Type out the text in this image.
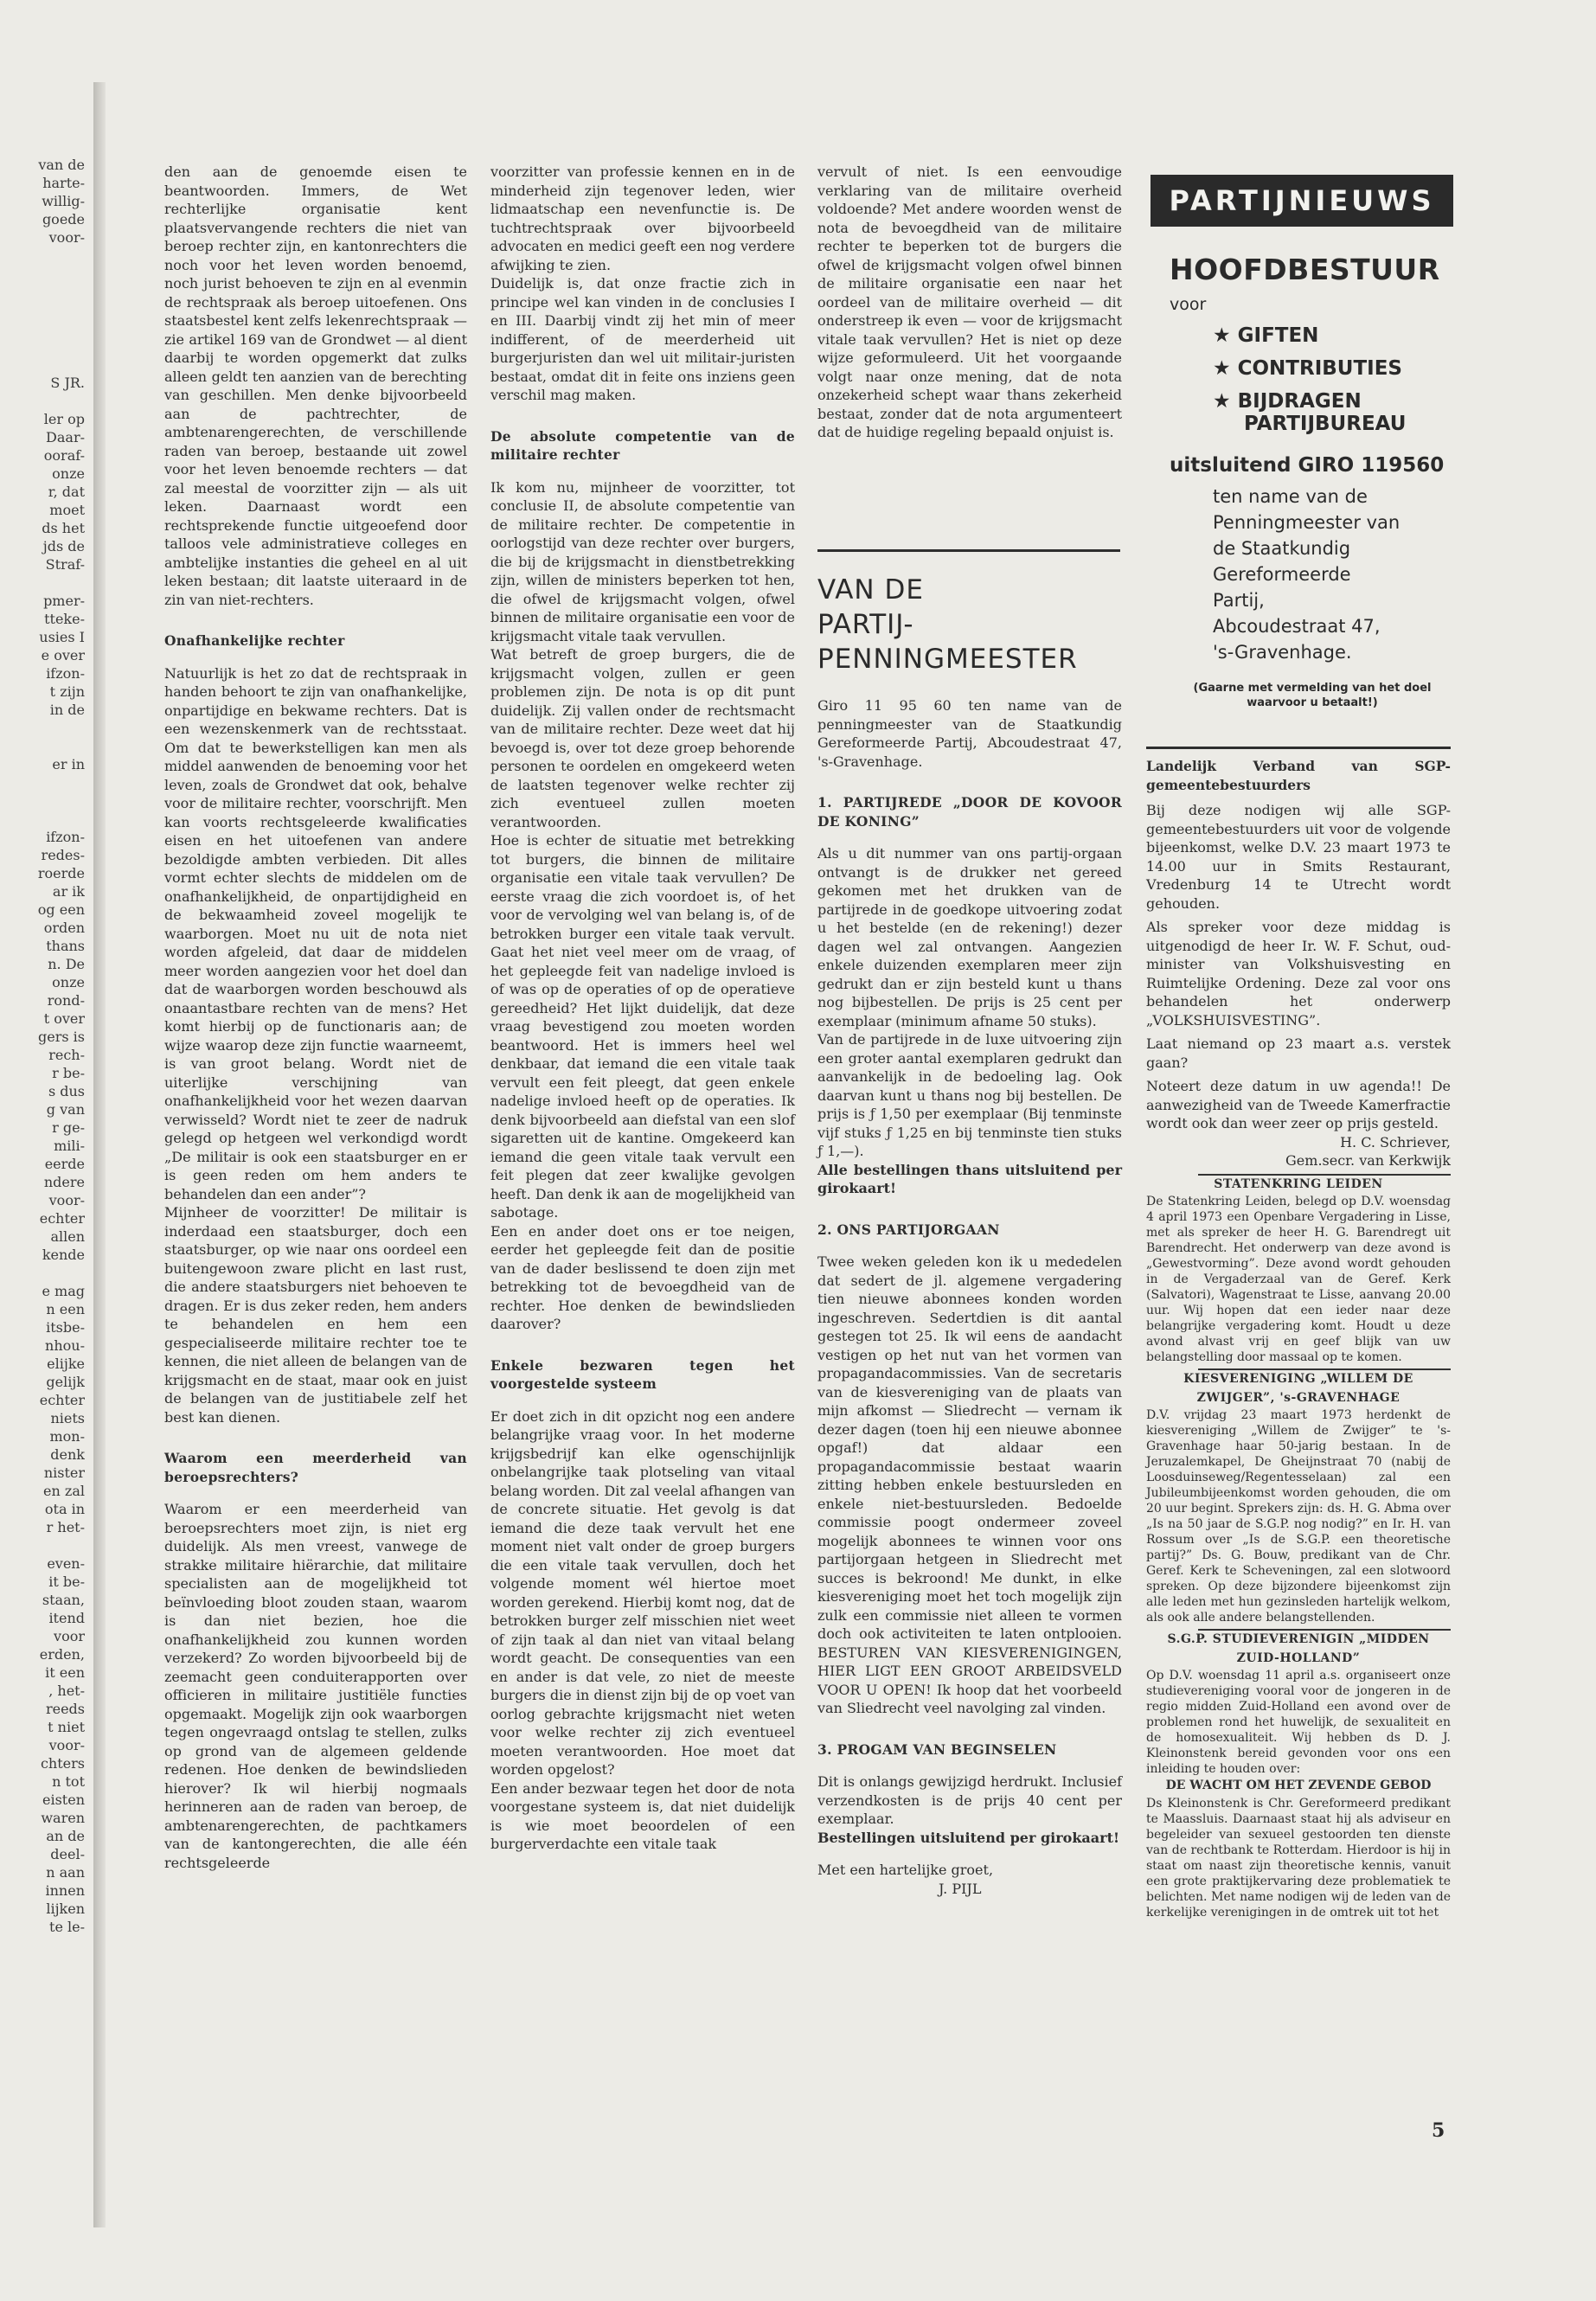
van de
harte-
willig-
goede
voor-

S JR.

ler op
Daar-
ooraf-
onze
r, dat
moet
ds het
jds de
Straf-

pmer-
tteke-
usies I
e over
ifzon-
t zijn
in de

er in

ifzon-
redes-
roerde
ar ik
og een
orden
thans
n. De
onze
rond-
t over
gers is
rech-
r be-
s dus
g van
r ge-
mili-
eerde
ndere
voor-
echter
allen
kende

e mag
n een
itsbe-
nhou-
elijke
gelijk
echter
niets
mon-
denk
nister
en zal
ota in
r het-

even-
it be-
staan,
itend
voor
erden,
it een
, het-
reeds
t niet
voor-
chters
n tot
eisten
waren
an de
deel-
n aan
innen
lijken
te le-

den aan de genoemde eisen te beantwoorden. Immers, de Wet rechterlijke organisatie kent plaatsvervangende rechters die niet van beroep rechter zijn, en kantonrechters die noch voor het leven worden benoemd, noch jurist behoeven te zijn en al evenmin de rechtspraak als beroep uitoefenen. Ons staatsbestel kent zelfs lekenrechtspraak — zie artikel 169 van de Grondwet — al dient daarbij te worden opgemerkt dat zulks alleen geldt ten aanzien van de berechting van geschillen. Men denke bijvoorbeeld aan de pachtrechter, de ambtenarengerechten, de verschillende raden van beroep, bestaande uit zowel voor het leven benoemde rechters — dat zal meestal de voorzitter zijn — als uit leken. Daarnaast wordt een rechtsprekende functie uitgeoefend door talloos vele administratieve colleges en ambtelijke instanties die geheel en al uit leken bestaan; dit laatste uiteraard in de zin van niet-rechters.

Onafhankelijke rechter

Natuurlijk is het zo dat de rechtspraak in handen behoort te zijn van onafhankelijke, onpartijdige en bekwame rechters. Dat is een wezenskenmerk van de rechtsstaat. Om dat te bewerkstelligen kan men als middel aanwenden de benoeming voor het leven, zoals de Grondwet dat ook, behalve voor de militaire rechter, voorschrijft. Men kan voorts rechtsgeleerde kwalificaties eisen en het uitoefenen van andere bezoldigde ambten verbieden. Dit alles vormt echter slechts de middelen om de onafhankelijkheid, de onpartijdigheid en de bekwaamheid zoveel mogelijk te waarborgen. Moet nu uit de nota niet worden afgeleid, dat daar de middelen meer worden aangezien voor het doel dan dat de waarborgen worden beschouwd als onaantastbare rechten van de mens? Het komt hierbij op de functionaris aan; de wijze waarop deze zijn functie waarneemt, is van groot belang. Wordt niet de uiterlijke verschijning van onafhankelijkheid voor het wezen daarvan verwisseld? Wordt niet te zeer de nadruk gelegd op hetgeen wel verkondigd wordt „De militair is ook een staatsburger en er is geen reden om hem anders te behandelen dan een ander”?

Mijnheer de voorzitter! De militair is inderdaad een staatsburger, doch een staatsburger, op wie naar ons oordeel een buitengewoon zware plicht en last rust, die andere staatsburgers niet behoeven te dragen. Er is dus zeker reden, hem anders te behandelen en hem een gespecialiseerde militaire rechter toe te kennen, die niet alleen de belangen van de krijgsmacht en de staat, maar ook en juist de belangen van de justitiabele zelf het best kan dienen.

Waarom een meerderheid van beroepsrechters?

Waarom er een meerderheid van beroepsrechters moet zijn, is niet erg duidelijk. Als men vreest, vanwege de strakke militaire hiërarchie, dat militaire specialisten aan de mogelijkheid tot beïnvloeding bloot zouden staan, waarom is dan niet bezien, hoe die onafhankelijkheid zou kunnen worden verzekerd? Zo worden bijvoorbeeld bij de zeemacht geen conduiterapporten over officieren in militaire justitiële functies opgemaakt. Mogelijk zijn ook waarborgen tegen ongevraagd ontslag te stellen, zulks op grond van de algemeen geldende redenen. Hoe denken de bewindslieden hierover? Ik wil hierbij nogmaals herinneren aan de raden van beroep, de ambtenarengerechten, de pachtkamers van de kantongerechten, die alle één rechtsgeleerde

voorzitter van professie kennen en in de minderheid zijn tegenover leden, wier lidmaatschap een nevenfunctie is. De tuchtrechtspraak over bijvoorbeeld advocaten en medici geeft een nog verdere afwijking te zien.

Duidelijk is, dat onze fractie zich in principe wel kan vinden in de conclusies I en III. Daarbij vindt zij het min of meer indifferent, of de meerderheid uit burgerjuristen dan wel uit militair-juristen bestaat, omdat dit in feite ons inziens geen verschil mag maken.

De absolute competentie van de militaire rechter

Ik kom nu, mijnheer de voorzitter, tot conclusie II, de absolute competentie van de militaire rechter. De competentie in oorlogstijd van deze rechter over burgers, die bij de krijgsmacht in dienstbetrekking zijn, willen de ministers beperken tot hen, die ofwel de krijgsmacht volgen, ofwel binnen de militaire organisatie een voor de krijgsmacht vitale taak vervullen.

Wat betreft de groep burgers, die de krijgsmacht volgen, zullen er geen problemen zijn. De nota is op dit punt duidelijk. Zij vallen onder de rechtsmacht van de militaire rechter. Deze weet dat hij bevoegd is, over tot deze groep behorende personen te oordelen en omgekeerd weten de laatsten tegenover welke rechter zij zich eventueel zullen moeten verantwoorden.

Hoe is echter de situatie met betrekking tot burgers, die binnen de militaire organisatie een vitale taak vervullen? De eerste vraag die zich voordoet is, of het voor de vervolging wel van belang is, of de betrokken burger een vitale taak vervult. Gaat het niet veel meer om de vraag, of het gepleegde feit van nadelige invloed is of was op de operaties of op de operatieve gereedheid? Het lijkt duidelijk, dat deze vraag bevestigend zou moeten worden beantwoord. Het is immers heel wel denkbaar, dat iemand die een vitale taak vervult een feit pleegt, dat geen enkele nadelige invloed heeft op de operaties. Ik denk bijvoorbeeld aan diefstal van een slof sigaretten uit de kantine. Omgekeerd kan iemand die geen vitale taak vervult een feit plegen dat zeer kwalijke gevolgen heeft. Dan denk ik aan de mogelijkheid van sabotage.

Een en ander doet ons er toe neigen, eerder het gepleegde feit dan de positie van de dader beslissend te doen zijn met betrekking tot de bevoegdheid van de rechter. Hoe denken de bewindslieden daarover?

Enkele bezwaren tegen het voorgestelde systeem

Er doet zich in dit opzicht nog een andere belangrijke vraag voor. In het moderne krijgsbedrijf kan elke ogenschijnlijk onbelangrijke taak plotseling van vitaal belang worden. Dit zal veelal afhangen van de concrete situatie. Het gevolg is dat iemand die deze taak vervult het ene moment niet valt onder de groep burgers die een vitale taak vervullen, doch het volgende moment wél hiertoe moet worden gerekend. Hierbij komt nog, dat de betrokken burger zelf misschien niet weet of zijn taak al dan niet van vitaal belang wordt geacht. De consequenties van een en ander is dat vele, zo niet de meeste burgers die in dienst zijn bij de op voet van oorlog gebrachte krijgsmacht niet weten voor welke rechter zij zich eventueel moeten verantwoorden. Hoe moet dat worden opgelost?

Een ander bezwaar tegen het door de nota voorgestane systeem is, dat niet duidelijk is wie moet beoordelen of een burgerverdachte een vitale taak

vervult of niet. Is een eenvoudige verklaring van de militaire overheid voldoende? Met andere woorden wenst de nota de bevoegdheid van de militaire rechter te beperken tot de burgers die ofwel de krijgsmacht volgen ofwel binnen de militaire organisatie een naar het oordeel van de militaire overheid — dit onderstreep ik even — voor de krijgsmacht vitale taak vervullen? Het is niet op deze wijze geformuleerd. Uit het voorgaande volgt naar onze mening, dat de nota onzekerheid schept waar thans zekerheid bestaat, zonder dat de nota argumenteert dat de huidige regeling bepaald onjuist is.

VAN DE
PARTIJ-
PENNINGMEESTER

Giro 11 95 60 ten name van de penningmeester van de Staatkundig Gereformeerde Partij, Abcoudestraat 47, 's-Gravenhage.

1. PARTIJREDE „DOOR DE KOVOOR DE KONING”

Als u dit nummer van ons partij-orgaan ontvangt is de drukker net gereed gekomen met het drukken van de partijrede in de goedkope uitvoering zodat u het bestelde (en de rekening!) dezer dagen wel zal ontvangen. Aangezien enkele duizenden exemplaren meer zijn gedrukt dan er zijn besteld kunt u thans nog bijbestellen. De prijs is 25 cent per exemplaar (minimum afname 50 stuks).

Van de partijrede in de luxe uitvoering zijn een groter aantal exemplaren gedrukt dan aanvankelijk in de bedoeling lag. Ook daarvan kunt u thans nog bij bestellen. De prijs is ƒ 1,50 per exemplaar (Bij tenminste vijf stuks ƒ 1,25 en bij tenminste tien stuks ƒ 1,—).

Alle bestellingen thans uitsluitend per girokaart!

2. ONS PARTIJORGAAN

Twee weken geleden kon ik u mededelen dat sedert de jl. algemene vergadering tien nieuwe abonnees konden worden ingeschreven. Sedertdien is dit aantal gestegen tot 25. Ik wil eens de aandacht vestigen op het nut van het vormen van propagandacommissies. Van de secretaris van de kiesvereniging van de plaats van mijn afkomst — Sliedrecht — vernam ik dezer dagen (toen hij een nieuwe abonnee opgaf!) dat aldaar een propagandacommissie bestaat waarin zitting hebben enkele bestuursleden en enkele niet-bestuursleden. Bedoelde commissie poogt ondermeer zoveel mogelijk abonnees te winnen voor ons partijorgaan hetgeen in Sliedrecht met succes is bekroond! Me dunkt, in elke kiesvereniging moet het toch mogelijk zijn zulk een commissie niet alleen te vormen doch ook activiteiten te laten ontplooien. BESTUREN VAN KIESVERENIGINGEN, HIER LIGT EEN GROOT ARBEIDSVELD VOOR U OPEN! Ik hoop dat het voorbeeld van Sliedrecht veel navolging zal vinden.

3. PROGAM VAN BEGINSELEN

Dit is onlangs gewijzigd herdrukt. Inclusief verzendkosten is de prijs 40 cent per exemplaar.

Bestellingen uitsluitend per girokaart!

Met een hartelijke groet,

J. PIJL

PARTIJNIEUWS
HOOFDBESTUUR
voor
★ GIFTEN
★ CONTRIBUTIES
★ BIJDRAGEN
PARTIJBUREAU
uitsluitend GIRO 119560
ten name van de
Penningmeester van
de Staatkundig
Gereformeerde
Partij,
Abcoudestraat 47,
's-Gravenhage.
(Gaarne met vermelding van het doel waarvoor u betaalt!)

Landelijk Verband van SGP-gemeentebestuurders

Bij deze nodigen wij alle SGP-gemeentebestuurders uit voor de volgende bijeenkomst, welke D.V. 23 maart 1973 te 14.00 uur in Smits Restaurant, Vredenburg 14 te Utrecht wordt gehouden.

Als spreker voor deze middag is uitgenodigd de heer Ir. W. F. Schut, oud-minister van Volkshuisvesting en Ruimtelijke Ordening. Deze zal voor ons behandelen het onderwerp „VOLKSHUISVESTING”.

Laat niemand op 23 maart a.s. verstek gaan?

Noteert deze datum in uw agenda!! De aanwezigheid van de Tweede Kamerfractie wordt ook dan weer zeer op prijs gesteld.

H. C. Schriever,

Gem.secr. van Kerkwijk

STATENKRING LEIDEN

De Statenkring Leiden, belegd op D.V. woensdag 4 april 1973 een Openbare Vergadering in Lisse, met als spreker de heer H. G. Barendregt uit Barendrecht. Het onderwerp van deze avond is „Gewestvorming”. Deze avond wordt gehouden in de Vergaderzaal van de Geref. Kerk (Salvatori), Wagenstraat te Lisse, aanvang 20.00 uur. Wij hopen dat een ieder naar deze belangrijke vergadering komt. Houdt u deze avond alvast vrij en geef blijk van uw belangstelling door massaal op te komen.

KIESVERENIGING „WILLEM DE ZWIJGER”, 's-GRAVENHAGE

D.V. vrijdag 23 maart 1973 herdenkt de kiesvereniging „Willem de Zwijger” te 's-Gravenhage haar 50-jarig bestaan. In de Jeruzalemkapel, De Gheijnstraat 70 (nabij de Loosduinseweg/Regentesselaan) zal een Jubileumbijeenkomst worden gehouden, die om 20 uur begint. Sprekers zijn: ds. H. G. Abma over „Is na 50 jaar de S.G.P. nog nodig?” en Ir. H. van Rossum over „Is de S.G.P. een theoretische partij?” Ds. G. Bouw, predikant van de Chr. Geref. Kerk te Scheveningen, zal een slotwoord spreken. Op deze bijzondere bijeenkomst zijn alle leden met hun gezinsleden hartelijk welkom, als ook alle andere belangstellenden.

S.G.P. STUDIEVERENIGIN „MIDDEN ZUID-HOLLAND”

Op D.V. woensdag 11 april a.s. organiseert onze studievereniging vooral voor de jongeren in de regio midden Zuid-Holland een avond over de problemen rond het huwelijk, de sexualiteit en de homosexualiteit. Wij hebben ds D. J. Kleinonstenk bereid gevonden voor ons een inleiding te houden over:

DE WACHT OM HET ZEVENDE GEBOD

Ds Kleinonstenk is Chr. Gereformeerd predikant te Maassluis. Daarnaast staat hij als adviseur en begeleider van sexueel gestoorden ten dienste van de rechtbank te Rotterdam. Hierdoor is hij in staat om naast zijn theoretische kennis, vanuit een grote praktijkervaring deze problematiek te belichten. Met name nodigen wij de leden van de kerkelijke verenigingen in de omtrek uit tot het

5
